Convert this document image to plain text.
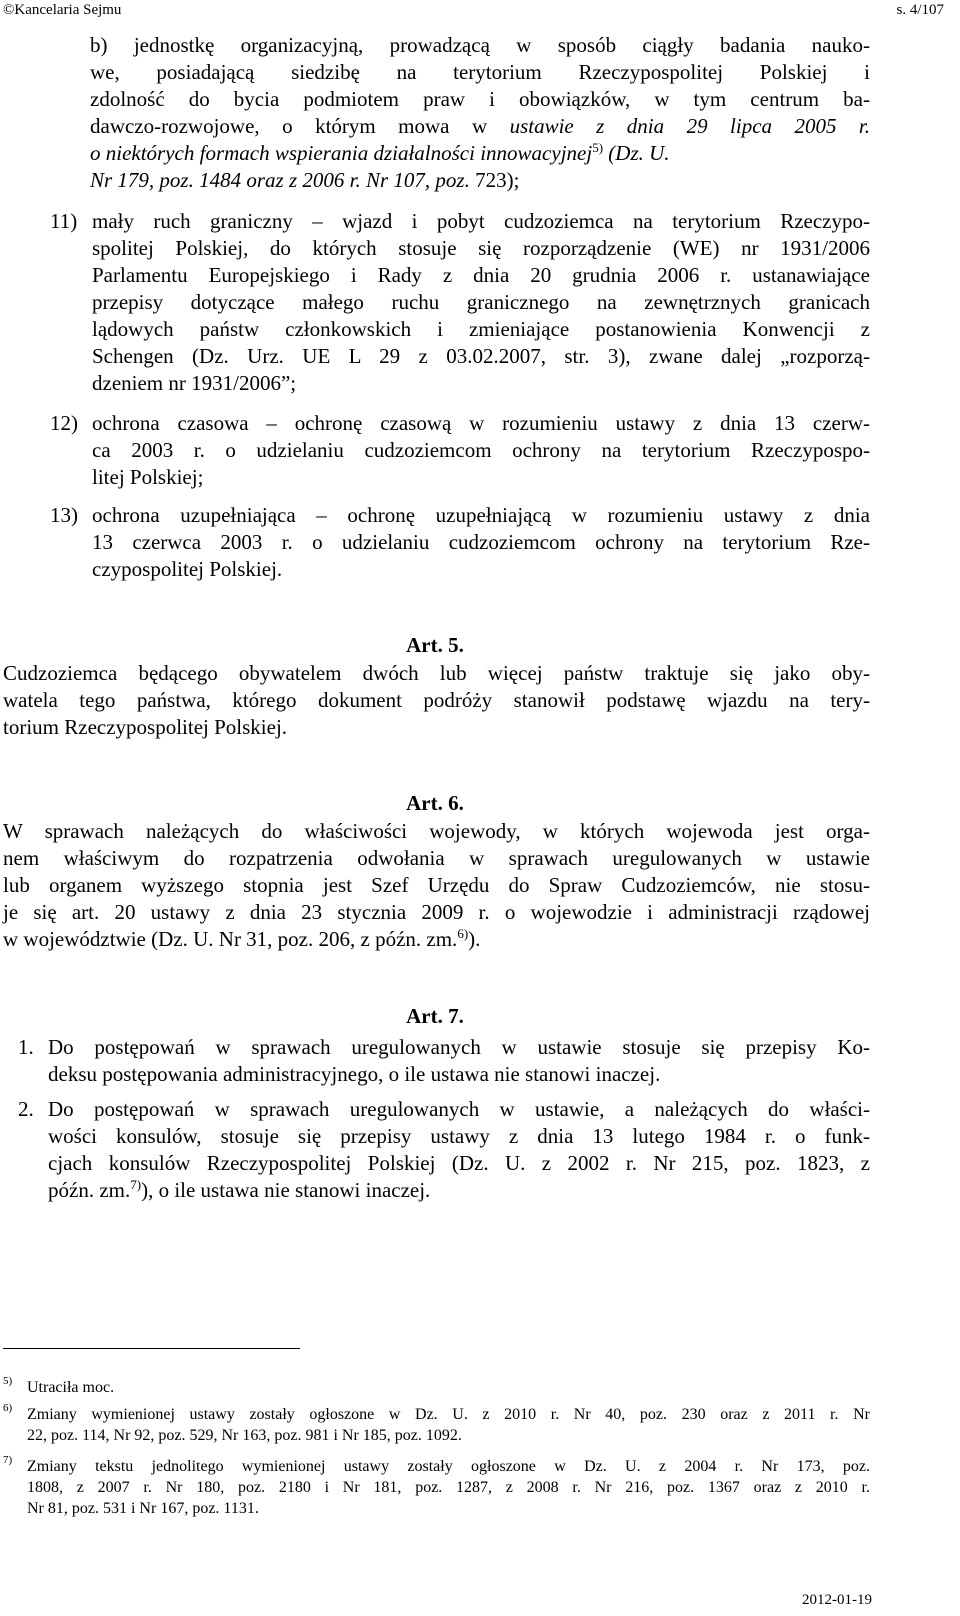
©Kancelaria Sejmu	s. 4/107
b) jednostkę organizacyjną, prowadzącą w sposób ciągły badania nauko-
we, posiadającą siedzibę na terytorium Rzeczypospolitej Polskiej i
zdolność do bycia podmiotem praw i obowiązków, w tym centrum ba-
dawczo-rozwojowe, o którym mowa w ustawie z dnia 29 lipca 2005 r.
o niektórych formach wspierania działalności innowacyjnej$^{5)}$ (Dz. U.
Nr 179, poz. 1484 oraz z 2006 r. Nr 107, poz. 723);
11) mały ruch graniczny – wjazd i pobyt cudzoziemca na terytorium Rzeczypo-
spolitej Polskiej, do których stosuje się rozporządzenie (WE) nr 1931/2006
Parlamentu Europejskiego i Rady z dnia 20 grudnia 2006 r. ustanawiające
przepisy dotyczące małego ruchu granicznego na zewnętrznych granicach
lądowych państw członkowskich i zmieniające postanowienia Konwencji z
Schengen (Dz. Urz. UE L 29 z 03.02.2007, str. 3), zwane dalej „rozporzą-
dzeniem nr 1931/2006”;
12) ochrona czasowa – ochronę czasową w rozumieniu ustawy z dnia 13 czerw-
ca 2003 r. o udzielaniu cudzoziemcom ochrony na terytorium Rzeczypospo-
litej Polskiej;
13) ochrona uzupełniająca – ochronę uzupełniającą w rozumieniu ustawy z dnia
13 czerwca 2003 r. o udzielaniu cudzoziemcom ochrony na terytorium Rze-
czypospolitej Polskiej.
Art. 5.
Cudzoziemca będącego obywatelem dwóch lub więcej państw traktuje się jako oby-
watela tego państwa, którego dokument podróży stanowił podstawę wjazdu na tery-
torium Rzeczypospolitej Polskiej.
Art. 6.
W sprawach należących do właściwości wojewody, w których wojewoda jest orga-
nem właściwym do rozpatrzenia odwołania w sprawach uregulowanych w ustawie
lub organem wyższego stopnia jest Szef Urzędu do Spraw Cudzoziemców, nie stosu-
je się art. 20 ustawy z dnia 23 stycznia 2009 r. o wojewodzie i administracji rządowej
w województwie (Dz. U. Nr 31, poz. 206, z późn. zm.$^{6)}$).
Art. 7.
1. Do postępowań w sprawach uregulowanych w ustawie stosuje się przepisy Ko-
deksu postępowania administracyjnego, o ile ustawa nie stanowi inaczej.
2. Do postępowań w sprawach uregulowanych w ustawie, a należących do właści-
wości konsulów, stosuje się przepisy ustawy z dnia 13 lutego 1984 r. o funk-
cjach konsulów Rzeczypospolitej Polskiej (Dz. U. z 2002 r. Nr 215, poz. 1823, z
późn. zm.$^{7)}$), o ile ustawa nie stanowi inaczej.
5) Utraciła moc.
6) Zmiany wymienionej ustawy zostały ogłoszone w Dz. U. z 2010 r. Nr 40, poz. 230 oraz z 2011 r. Nr
22, poz. 114, Nr 92, poz. 529, Nr 163, poz. 981 i Nr 185, poz. 1092.
7) Zmiany tekstu jednolitego wymienionej ustawy zostały ogłoszone w Dz. U. z 2004 r. Nr 173, poz.
1808, z 2007 r. Nr 180, poz. 2180 i Nr 181, poz. 1287, z 2008 r. Nr 216, poz. 1367 oraz z 2010 r.
Nr 81, poz. 531 i Nr 167, poz. 1131.
2012-01-19
